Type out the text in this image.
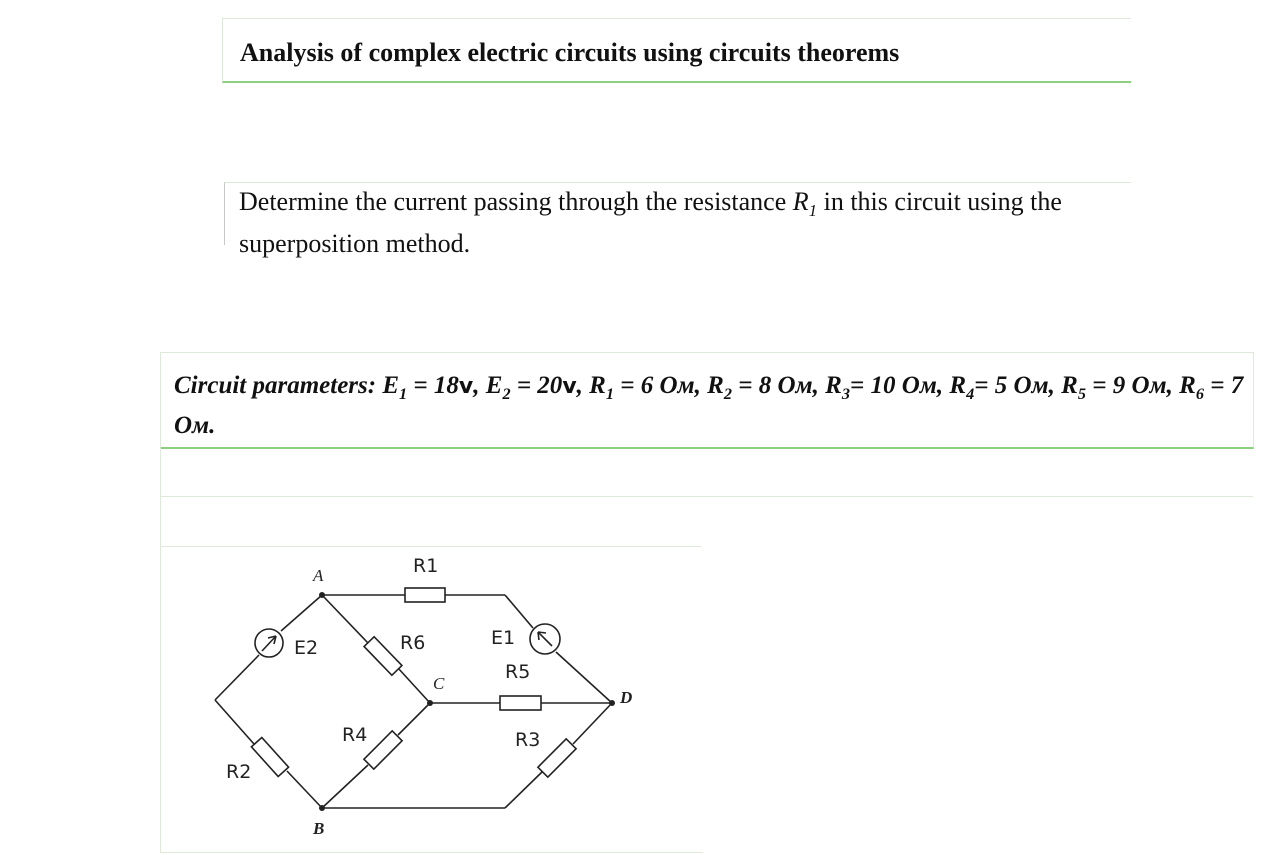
Analysis of complex electric circuits using circuits theorems
Determine the current passing through the resistance $R_1$ in this circuit using the superposition method.
Circuit parameters: $E_1 = 18v$, $E_2 = 20v$, $R_1 = 6$ Ом, $R_2 = 8$ Ом, $R_3= 10$ Ом, $R_4= 5$ Ом, $R_5 = 9$ Ом, $R_6 = 7$ Ом.
R1
R6	E1
R5
E2
R4	R3
R2
A
C
D
B
